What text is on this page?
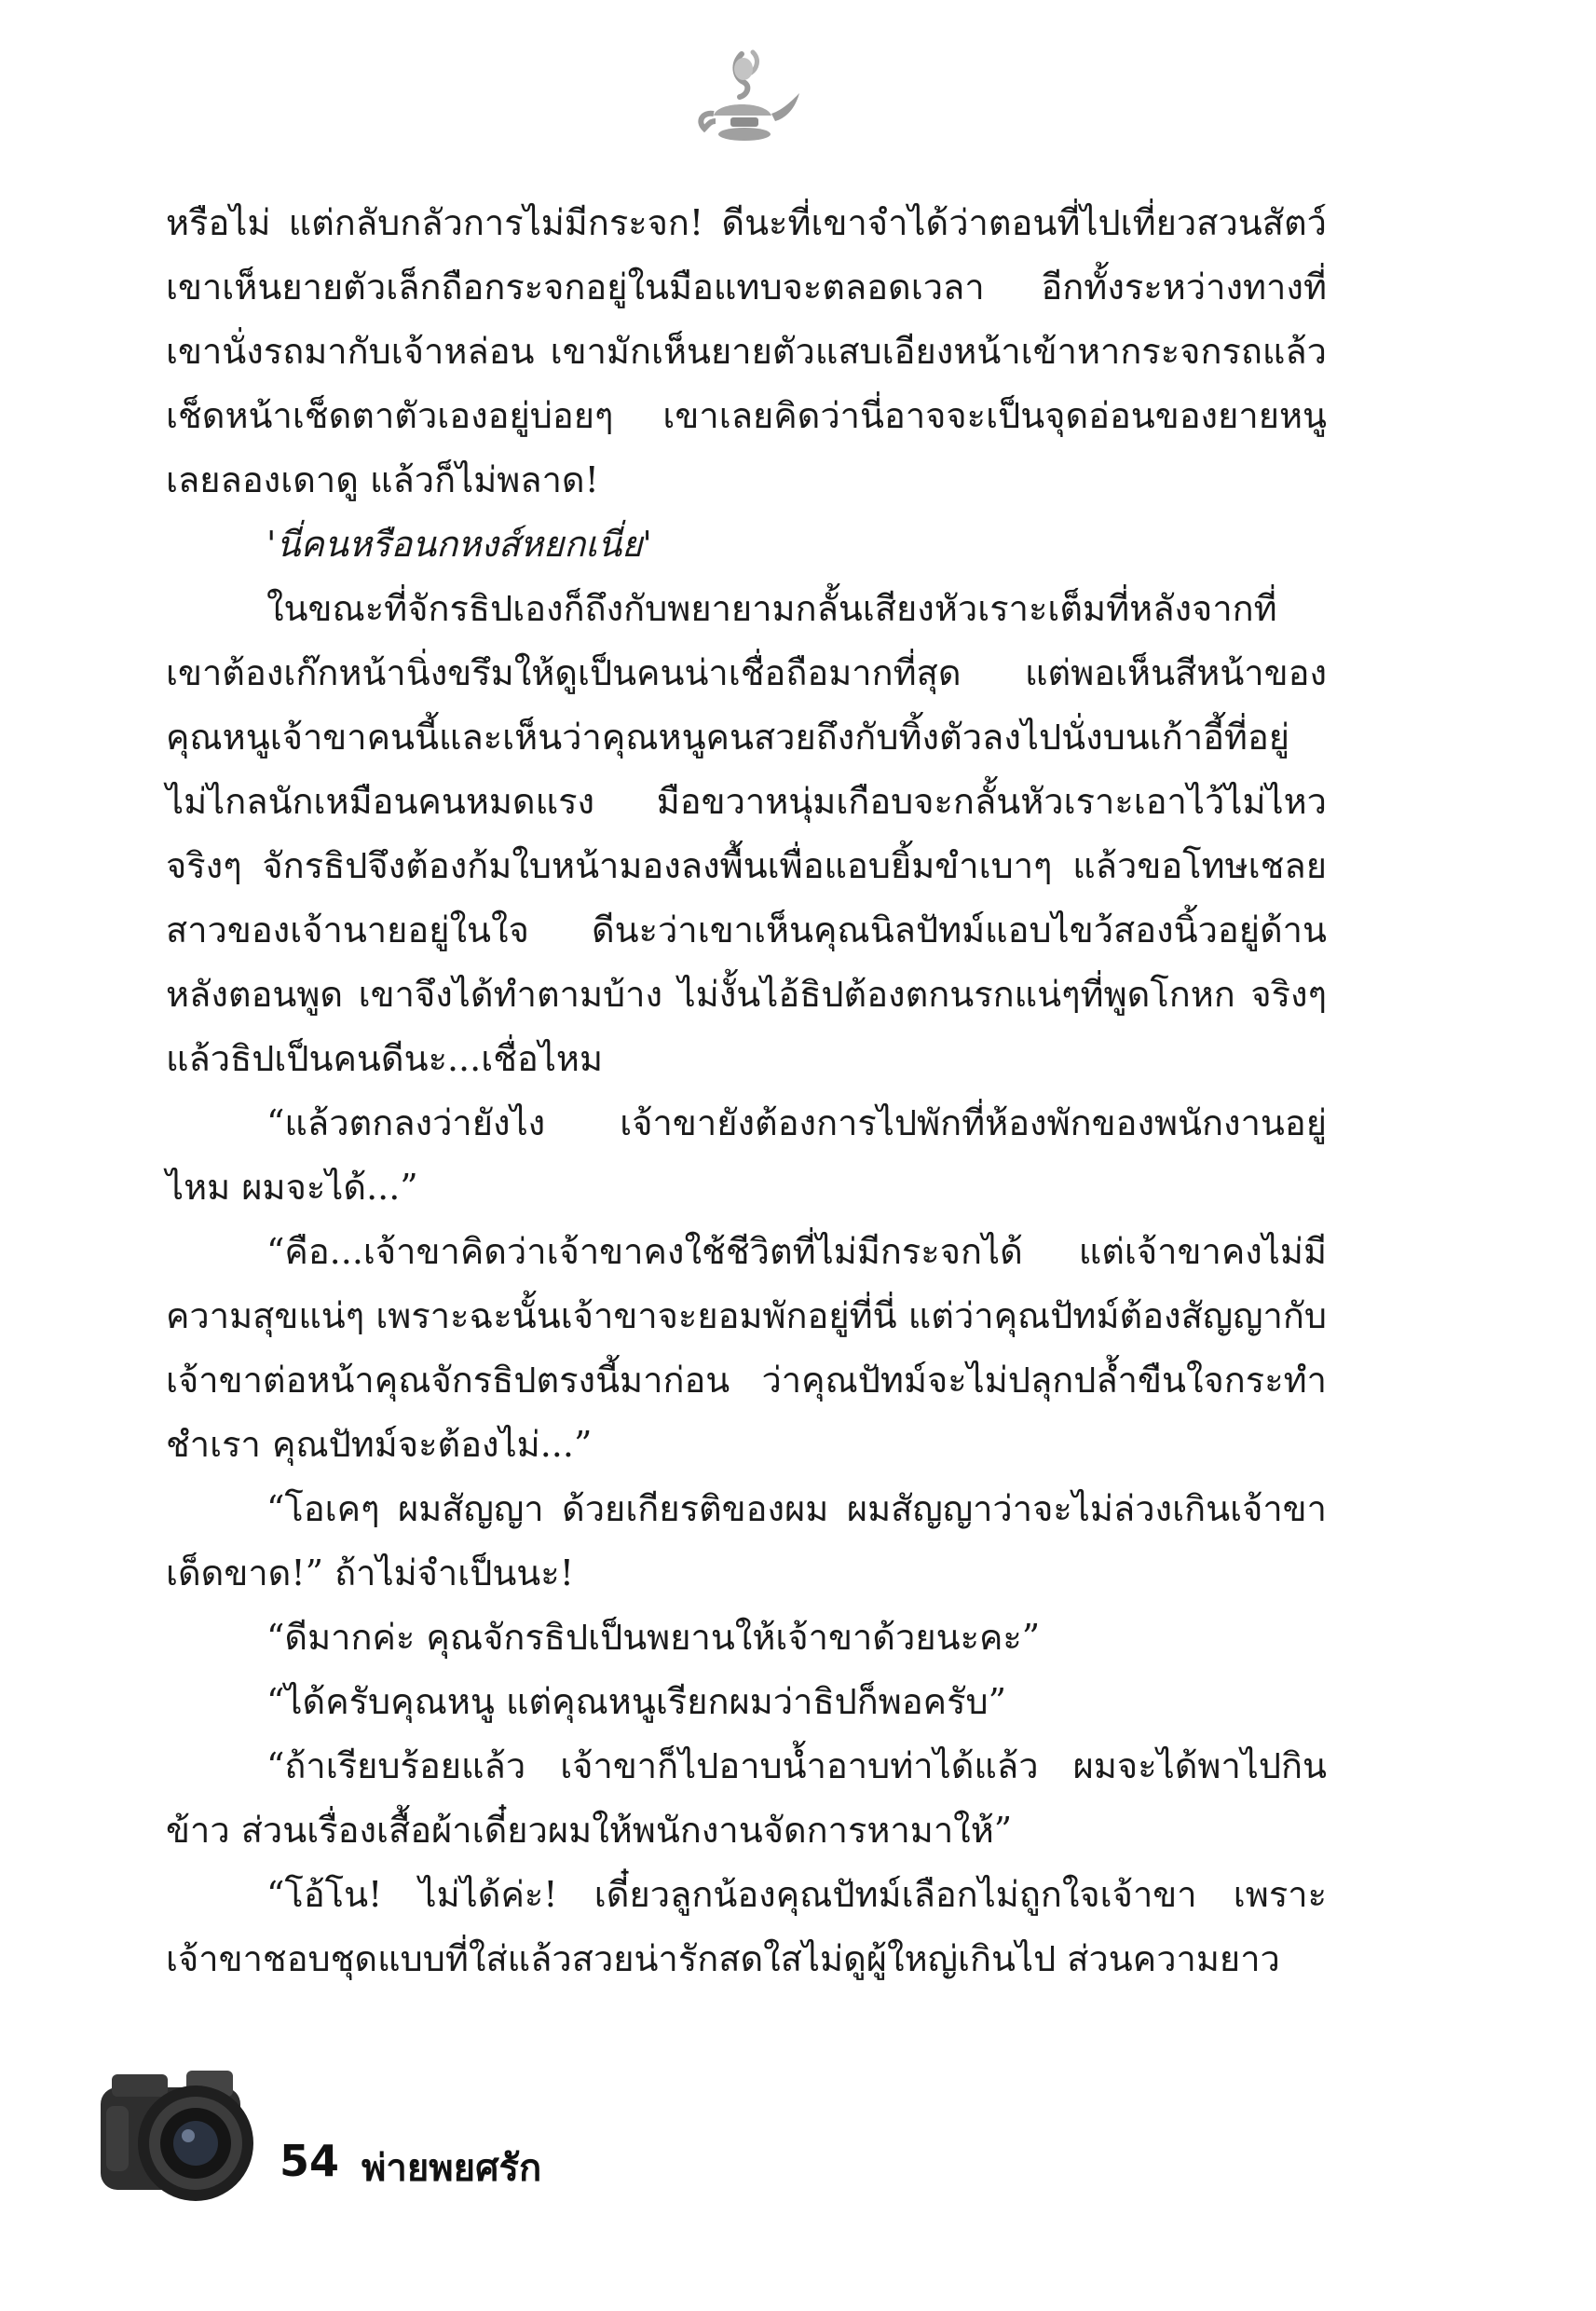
หรือไม่ แต่กลับกลัวการไม่มีกระจก! ดีนะที่เขาจำได้ว่าตอนที่ไปเที่ยวสวนสัตว์เขาเห็นยายตัวเล็กถือกระจกอยู่ในมือแทบจะตลอดเวลา อีกทั้งระหว่างทางที่เขานั่งรถมากับเจ้าหล่อน เขามักเห็นยายตัวแสบเอียงหน้าเข้าหากระจกรถแล้วเช็ดหน้าเช็ดตาตัวเองอยู่บ่อยๆ เขาเลยคิดว่านี่อาจจะเป็นจุดอ่อนของยายหนู เลยลองเดาดู แล้วก็ไม่พลาด!

'นี่คนหรือนกหงส์หยกเนี่ย'

ในขณะที่จักรธิปเองก็ถึงกับพยายามกลั้นเสียงหัวเราะเต็มที่หลังจากที่เขาต้องเก๊กหน้านิ่งขรึมให้ดูเป็นคนน่าเชื่อถือมากที่สุด แต่พอเห็นสีหน้าของคุณหนูเจ้าขาคนนี้และเห็นว่าคุณหนูคนสวยถึงกับทิ้งตัวลงไปนั่งบนเก้าอี้ที่อยู่ไม่ไกลนักเหมือนคนหมดแรง มือขวาหนุ่มเกือบจะกลั้นหัวเราะเอาไว้ไม่ไหวจริงๆ จักรธิปจึงต้องก้มใบหน้ามองลงพื้นเพื่อแอบยิ้มขำเบาๆ แล้วขอโทษเชลยสาวของเจ้านายอยู่ในใจ ดีนะว่าเขาเห็นคุณนิลปัทม์แอบไขว้สองนิ้วอยู่ด้านหลังตอนพูด เขาจึงได้ทำตามบ้าง ไม่งั้นไอ้ธิปต้องตกนรกแน่ๆที่พูดโกหก จริงๆ แล้วธิปเป็นคนดีนะ...เชื่อไหม

“แล้วตกลงว่ายังไง เจ้าขายังต้องการไปพักที่ห้องพักของพนักงานอยู่ไหม ผมจะได้...”

“คือ...เจ้าขาคิดว่าเจ้าขาคงใช้ชีวิตที่ไม่มีกระจกได้ แต่เจ้าขาคงไม่มีความสุขแน่ๆ เพราะฉะนั้นเจ้าขาจะยอมพักอยู่ที่นี่ แต่ว่าคุณปัทม์ต้องสัญญากับเจ้าขาต่อหน้าคุณจักรธิปตรงนี้มาก่อน ว่าคุณปัทม์จะไม่ปลุกปล้ำขืนใจกระทำชำเรา คุณปัทม์จะต้องไม่...”

“โอเคๆ ผมสัญญา ด้วยเกียรติของผม ผมสัญญาว่าจะไม่ล่วงเกินเจ้าขาเด็ดขาด!” ถ้าไม่จำเป็นนะ!

“ดีมากค่ะ คุณจักรธิปเป็นพยานให้เจ้าขาด้วยนะคะ”

“ได้ครับคุณหนู แต่คุณหนูเรียกผมว่าธิปก็พอครับ”

“ถ้าเรียบร้อยแล้ว เจ้าขาก็ไปอาบน้ำอาบท่าได้แล้ว ผมจะได้พาไปกินข้าว ส่วนเรื่องเสื้อผ้าเดี๋ยวผมให้พนักงานจัดการหามาให้”

“โอ้โน! ไม่ได้ค่ะ! เดี๋ยวลูกน้องคุณปัทม์เลือกไม่ถูกใจเจ้าขา เพราะเจ้าขาชอบชุดแบบที่ใส่แล้วสวยน่ารักสดใสไม่ดูผู้ใหญ่เกินไป ส่วนความยาว

54 พ่ายพยศรัก
